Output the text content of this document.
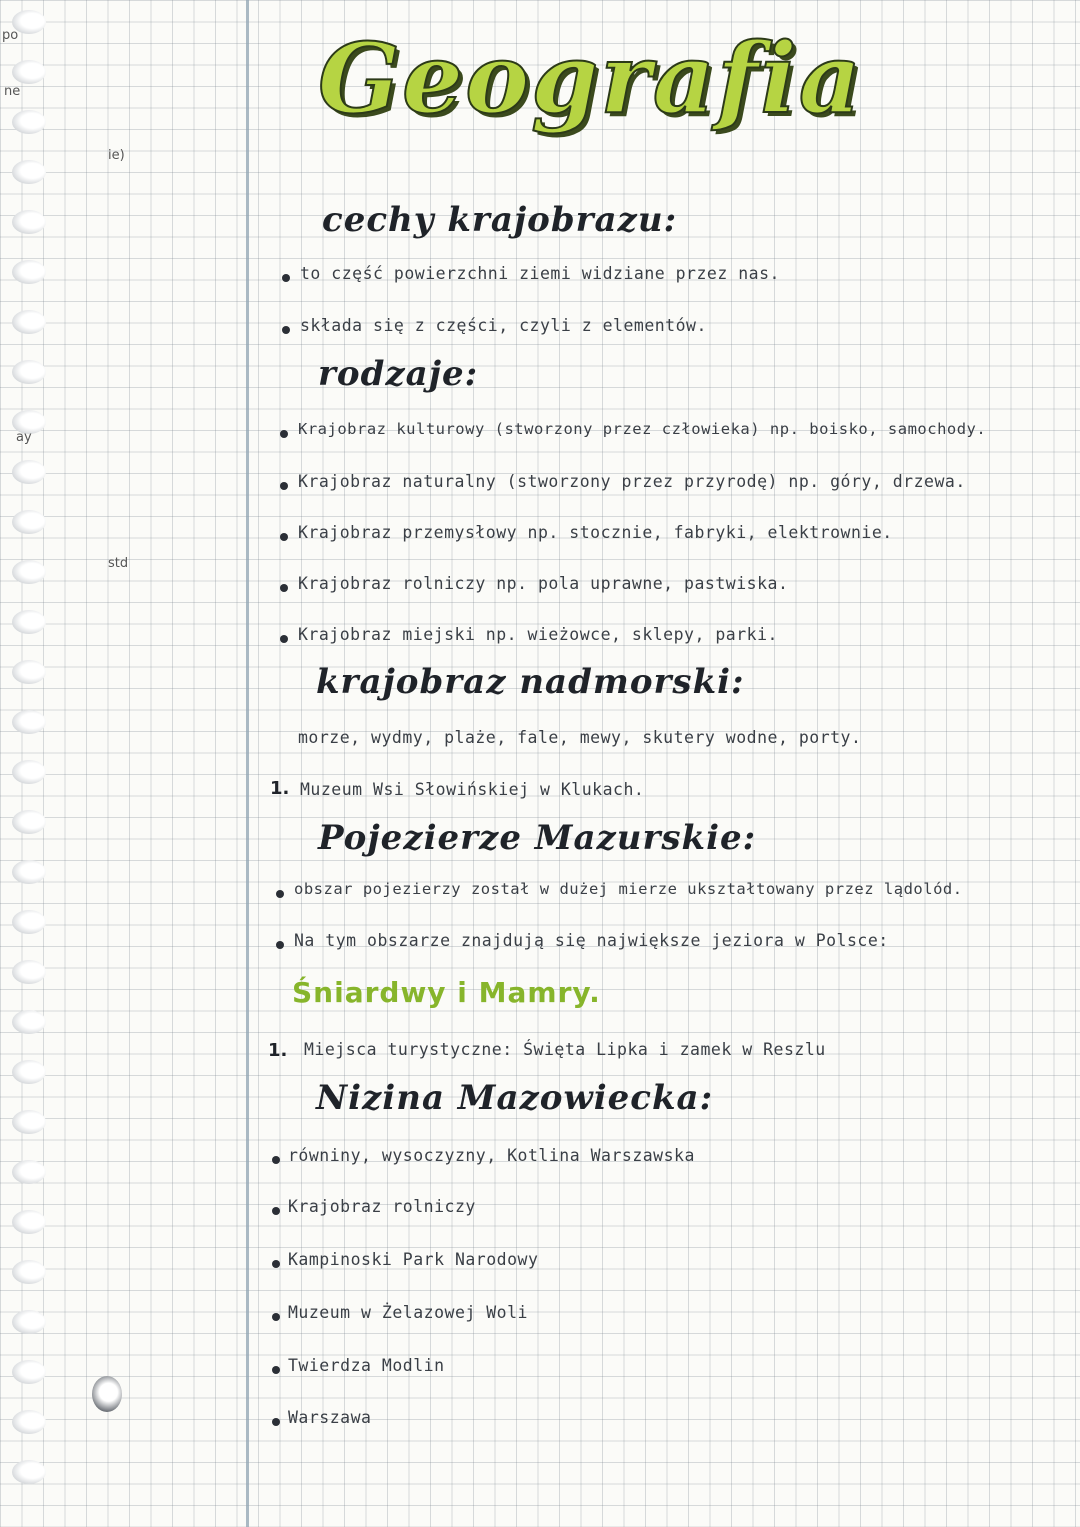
po
ne
ie)
ay
std
Geografia
cechy krajobrazu:
to część powierzchni ziemi widziane przez nas.
składa się z części, czyli z elementów.
rodzaje:
Krajobraz kulturowy (stworzony przez człowieka) np. boisko, samochody.
Krajobraz naturalny (stworzony przez przyrodę) np. góry, drzewa.
Krajobraz przemysłowy np. stocznie, fabryki, elektrownie.
Krajobraz rolniczy np. pola uprawne, pastwiska.
Krajobraz miejski np. wieżowce, sklepy, parki.
krajobraz nadmorski:
morze, wydmy, plaże, fale, mewy, skutery wodne, porty.
1. Muzeum Wsi Słowińskiej w Klukach.
Pojezierze Mazurskie:
obszar pojezierzy został w dużej mierze ukształtowany przez lądolód.
Na tym obszarze znajdują się największe jeziora w Polsce:
Śniardwy i Mamry.
1. Miejsca turystyczne: Święta Lipka i zamek w Reszlu
Nizina Mazowiecka:
równiny, wysoczyzny, Kotlina Warszawska
Krajobraz rolniczy
Kampinoski Park Narodowy
Muzeum w Żelazowej Woli
Twierdza Modlin
Warszawa
